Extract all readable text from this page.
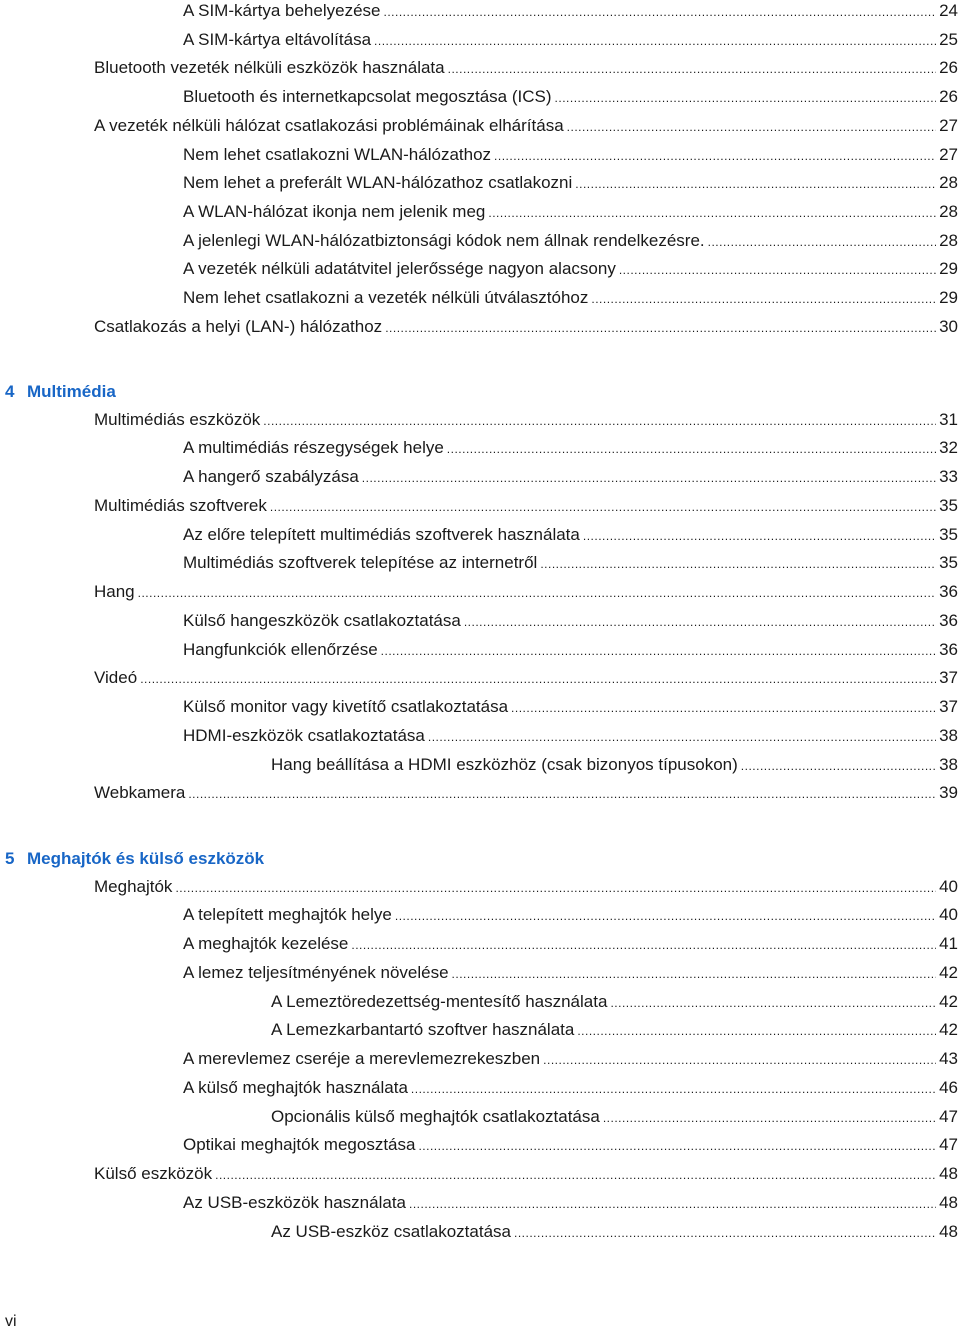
A SIM-kártya behelyezése .....	24
A SIM-kártya eltávolítása .....	25
Bluetooth vezeték nélküli eszközök használata .....	26
Bluetooth és internetkapcsolat megosztása (ICS) .....	26
A vezeték nélküli hálózat csatlakozási problémáinak elhárítása .....	27
Nem lehet csatlakozni WLAN-hálózathoz .....	27
Nem lehet a preferált WLAN-hálózathoz csatlakozni .....	28
A WLAN-hálózat ikonja nem jelenik meg .....	28
A jelenlegi WLAN-hálózatbiztonsági kódok nem állnak rendelkezésre. .....	28
A vezeték nélküli adatátvitel jelerőssége nagyon alacsony .....	29
Nem lehet csatlakozni a vezeték nélküli útválasztóhoz .....	29
Csatlakozás a helyi (LAN-) hálózathoz .....	30
4 Multimédia
Multimédiás eszközök .....	31
A multimédiás részegységek helye .....	32
A hangerő szabályzása .....	33
Multimédiás szoftverek .....	35
Az előre telepített multimédiás szoftverek használata .....	35
Multimédiás szoftverek telepítése az internetről .....	35
Hang .....	36
Külső hangeszközök csatlakoztatása .....	36
Hangfunkciók ellenőrzése .....	36
Videó .....	37
Külső monitor vagy kivetítő csatlakoztatása .....	37
HDMI-eszközök csatlakoztatása .....	38
Hang beállítása a HDMI eszközhöz (csak bizonyos típusokon) .....	38
Webkamera .....	39
5 Meghajtók és külső eszközök
Meghajtók .....	40
A telepített meghajtók helye .....	40
A meghajtók kezelése .....	41
A lemez teljesítményének növelése .....	42
A Lemeztöredezettség-mentesítő használata .....	42
A Lemezkarbantartó szoftver használata .....	42
A merevlemez cseréje a merevlemezrekeszben .....	43
A külső meghajtók használata .....	46
Opcionális külső meghajtók csatlakoztatása .....	47
Optikai meghajtók megosztása .....	47
Külső eszközök .....	48
Az USB-eszközök használata .....	48
Az USB-eszköz csatlakoztatása .....	48
vi
